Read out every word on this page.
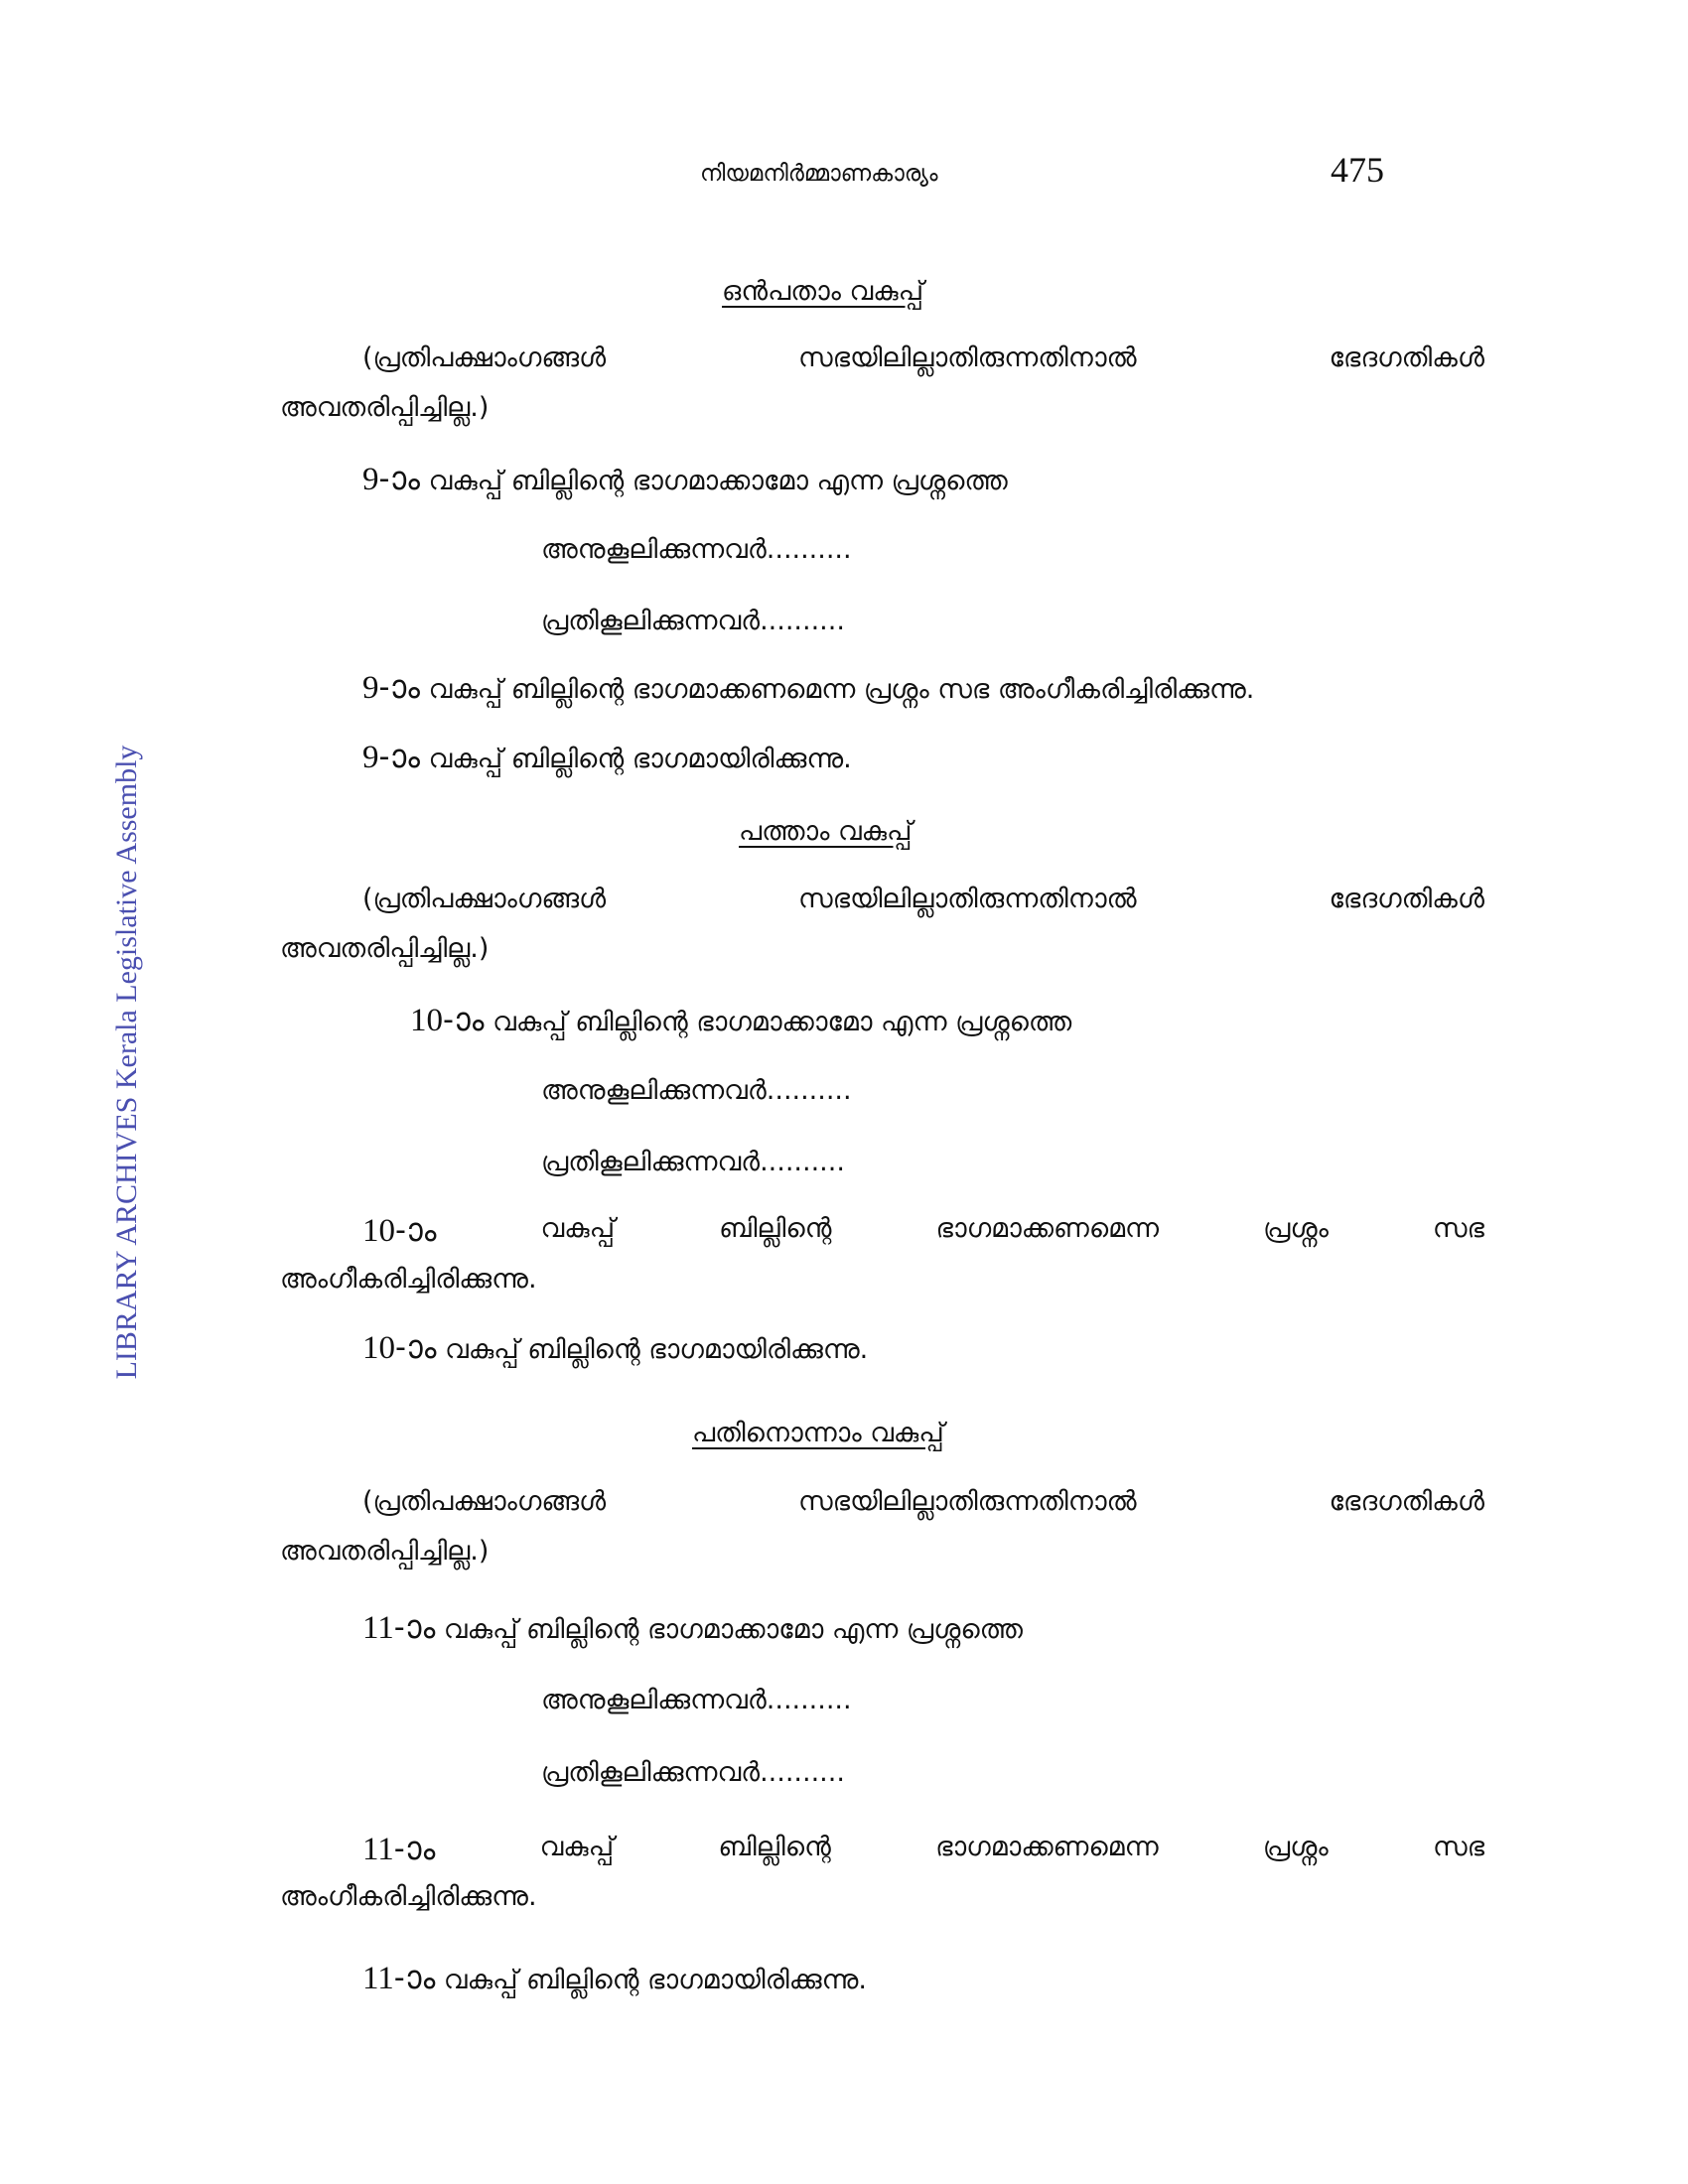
നിയമനിർമ്മാണകാര്യം	475
LIBRARY ARCHIVES Kerala Legislative Assembly
ഒൻപതാം വകുപ്പ്
(പ്രതിപക്ഷാംഗങ്ങൾ	സഭയിലില്ലാതിരുന്നതിനാൽ	ഭേദഗതികൾ
അവതരിപ്പിച്ചില്ല.)
9-ാം വകുപ്പ് ബില്ലിന്റെ ഭാഗമാക്കാമോ എന്ന പ്രശ്നത്തെ
അനുകൂലിക്കുന്നവർ..........
പ്രതികൂലിക്കുന്നവർ..........
9-ാം വകുപ്പ് ബില്ലിന്റെ ഭാഗമാക്കണമെന്ന പ്രശ്നം സഭ അംഗീകരിച്ചിരിക്കുന്നു.
9-ാം വകുപ്പ് ബില്ലിന്റെ ഭാഗമായിരിക്കുന്നു.
പത്താം വകുപ്പ്
(പ്രതിപക്ഷാംഗങ്ങൾ	സഭയിലില്ലാതിരുന്നതിനാൽ	ഭേദഗതികൾ
അവതരിപ്പിച്ചില്ല.)
10-ാം വകുപ്പ് ബില്ലിന്റെ ഭാഗമാക്കാമോ എന്ന പ്രശ്നത്തെ
അനുകൂലിക്കുന്നവർ..........
പ്രതികൂലിക്കുന്നവർ..........
10-ാം	വകുപ്പ്	ബില്ലിന്റെ	ഭാഗമാക്കണമെന്ന	പ്രശ്നം	സഭ
അംഗീകരിച്ചിരിക്കുന്നു.
10-ാം വകുപ്പ് ബില്ലിന്റെ ഭാഗമായിരിക്കുന്നു.
പതിനൊന്നാം വകുപ്പ്
(പ്രതിപക്ഷാംഗങ്ങൾ	സഭയിലില്ലാതിരുന്നതിനാൽ	ഭേദഗതികൾ
അവതരിപ്പിച്ചില്ല.)
11-ാം വകുപ്പ് ബില്ലിന്റെ ഭാഗമാക്കാമോ എന്ന പ്രശ്നത്തെ
അനുകൂലിക്കുന്നവർ..........
പ്രതികൂലിക്കുന്നവർ..........
11-ാം	വകുപ്പ്	ബില്ലിന്റെ	ഭാഗമാക്കണമെന്ന	പ്രശ്നം	സഭ
അംഗീകരിച്ചിരിക്കുന്നു.
11-ാം വകുപ്പ് ബില്ലിന്റെ ഭാഗമായിരിക്കുന്നു.
